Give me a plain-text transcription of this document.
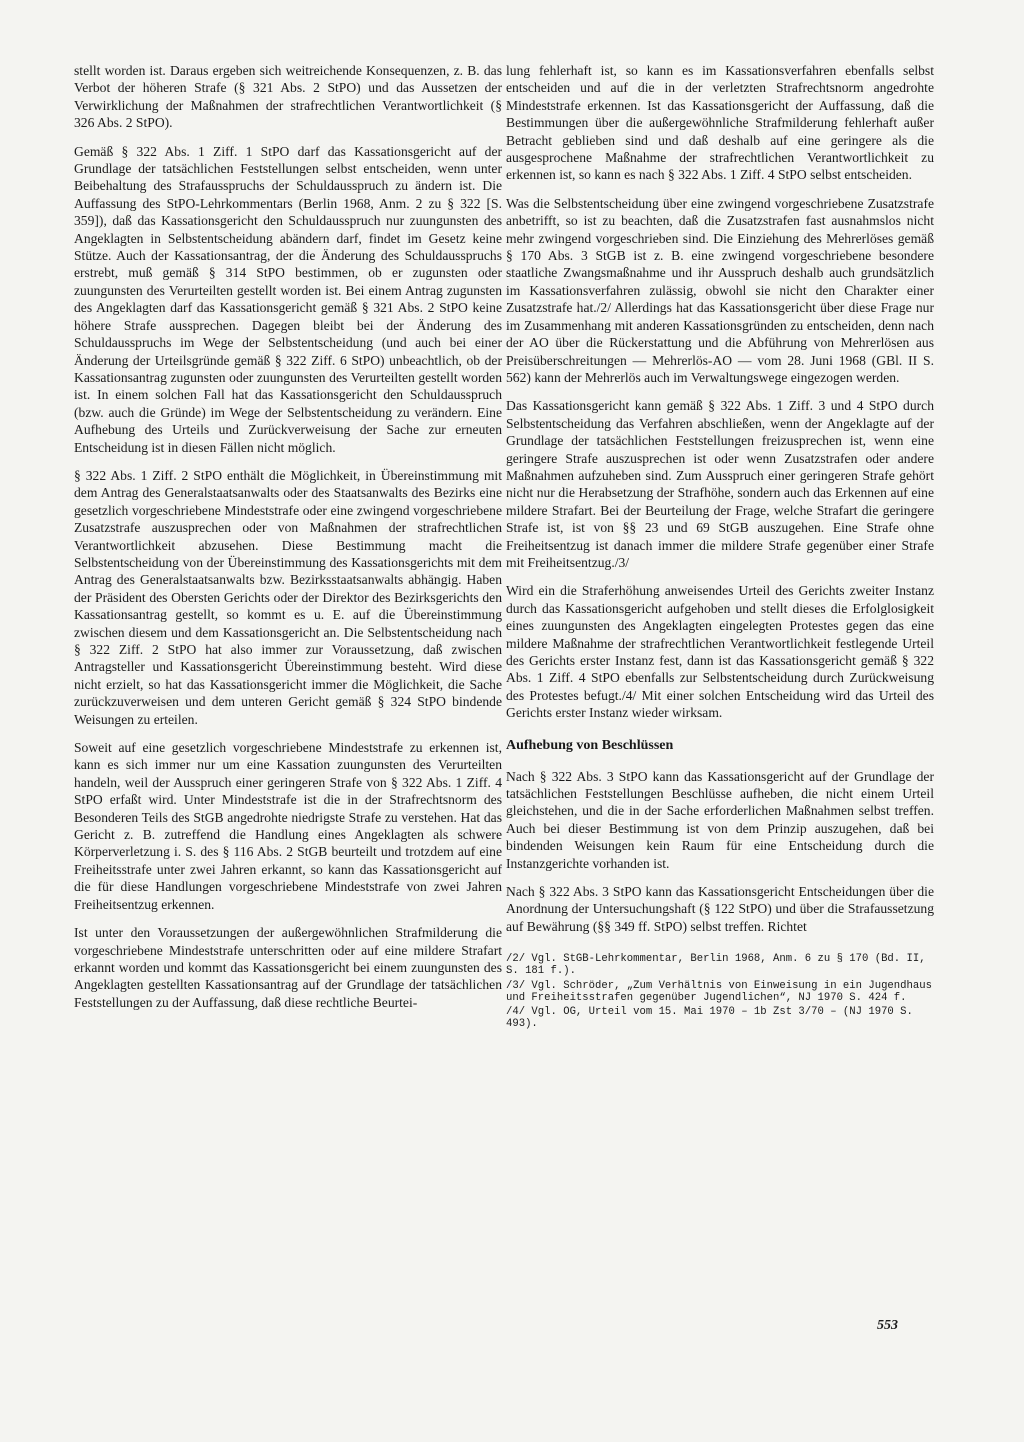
stellt worden ist. Daraus ergeben sich weitreichende Konsequenzen, z. B. das Verbot der höheren Strafe (§ 321 Abs. 2 StPO) und das Aussetzen der Verwirklichung der Maßnahmen der strafrechtlichen Verantwortlichkeit (§ 326 Abs. 2 StPO).

Gemäß § 322 Abs. 1 Ziff. 1 StPO darf das Kassationsgericht auf der Grundlage der tatsächlichen Feststellungen selbst entscheiden, wenn unter Beibehaltung des Strafausspruchs der Schuldausspruch zu ändern ist. Die Auffassung des StPO-Lehrkommentars (Berlin 1968, Anm. 2 zu § 322 [S. 359]), daß das Kassationsgericht den Schuldausspruch nur zuungunsten des Angeklagten in Selbstentscheidung abändern darf, findet im Gesetz keine Stütze. Auch der Kassationsantrag, der die Änderung des Schuldausspruchs erstrebt, muß gemäß § 314 StPO bestimmen, ob er zugunsten oder zuungunsten des Verurteilten gestellt worden ist. Bei einem Antrag zugunsten des Angeklagten darf das Kassationsgericht gemäß § 321 Abs. 2 StPO keine höhere Strafe aussprechen. Dagegen bleibt bei der Änderung des Schuldausspruchs im Wege der Selbstentscheidung (und auch bei einer Änderung der Urteilsgründe gemäß § 322 Ziff. 6 StPO) unbeachtlich, ob der Kassationsantrag zugunsten oder zuungunsten des Verurteilten gestellt worden ist. In einem solchen Fall hat das Kassationsgericht den Schuldausspruch (bzw. auch die Gründe) im Wege der Selbstentscheidung zu verändern. Eine Aufhebung des Urteils und Zurückverweisung der Sache zur erneuten Entscheidung ist in diesen Fällen nicht möglich.

§ 322 Abs. 1 Ziff. 2 StPO enthält die Möglichkeit, in Übereinstimmung mit dem Antrag des Generalstaatsanwalts oder des Staatsanwalts des Bezirks eine gesetzlich vorgeschriebene Mindeststrafe oder eine zwingend vorgeschriebene Zusatzstrafe auszusprechen oder von Maßnahmen der strafrechtlichen Verantwortlichkeit abzusehen. Diese Bestimmung macht die Selbstentscheidung von der Übereinstimmung des Kassationsgerichts mit dem Antrag des Generalstaatsanwalts bzw. Bezirksstaatsanwalts abhängig. Haben der Präsident des Obersten Gerichts oder der Direktor des Bezirksgerichts den Kassationsantrag gestellt, so kommt es u. E. auf die Übereinstimmung zwischen diesem und dem Kassationsgericht an. Die Selbstentscheidung nach § 322 Ziff. 2 StPO hat also immer zur Voraussetzung, daß zwischen Antragsteller und Kassationsgericht Übereinstimmung besteht. Wird diese nicht erzielt, so hat das Kassationsgericht immer die Möglichkeit, die Sache zurückzuverweisen und dem unteren Gericht gemäß § 324 StPO bindende Weisungen zu erteilen.

Soweit auf eine gesetzlich vorgeschriebene Mindeststrafe zu erkennen ist, kann es sich immer nur um eine Kassation zuungunsten des Verurteilten handeln, weil der Ausspruch einer geringeren Strafe von § 322 Abs. 1 Ziff. 4 StPO erfaßt wird. Unter Mindeststrafe ist die in der Strafrechtsnorm des Besonderen Teils des StGB angedrohte niedrigste Strafe zu verstehen. Hat das Gericht z. B. zutreffend die Handlung eines Angeklagten als schwere Körperverletzung i. S. des § 116 Abs. 2 StGB beurteilt und trotzdem auf eine Freiheitsstrafe unter zwei Jahren erkannt, so kann das Kassationsgericht auf die für diese Handlungen vorgeschriebene Mindeststrafe von zwei Jahren Freiheitsentzug erkennen.

Ist unter den Voraussetzungen der außergewöhnlichen Strafmilderung die vorgeschriebene Mindeststrafe unterschritten oder auf eine mildere Strafart erkannt worden und kommt das Kassationsgericht bei einem zuungunsten des Angeklagten gestellten Kassationsantrag auf der Grundlage der tatsächlichen Feststellungen zu der Auffassung, daß diese rechtliche Beurtei-

lung fehlerhaft ist, so kann es im Kassationsverfahren ebenfalls selbst entscheiden und auf die in der verletzten Strafrechtsnorm angedrohte Mindeststrafe erkennen. Ist das Kassationsgericht der Auffassung, daß die Bestimmungen über die außergewöhnliche Strafmilderung fehlerhaft außer Betracht geblieben sind und daß deshalb auf eine geringere als die ausgesprochene Maßnahme der strafrechtlichen Verantwortlichkeit zu erkennen ist, so kann es nach § 322 Abs. 1 Ziff. 4 StPO selbst entscheiden.

Was die Selbstentscheidung über eine zwingend vorgeschriebene Zusatzstrafe anbetrifft, so ist zu beachten, daß die Zusatzstrafen fast ausnahmslos nicht mehr zwingend vorgeschrieben sind. Die Einziehung des Mehrerlöses gemäß § 170 Abs. 3 StGB ist z. B. eine zwingend vorgeschriebene besondere staatliche Zwangsmaßnahme und ihr Ausspruch deshalb auch grundsätzlich im Kassationsverfahren zulässig, obwohl sie nicht den Charakter einer Zusatzstrafe hat./2/ Allerdings hat das Kassationsgericht über diese Frage nur im Zusammenhang mit anderen Kassationsgründen zu entscheiden, denn nach der AO über die Rückerstattung und die Abführung von Mehrerlösen aus Preisüberschreitungen — Mehrerlös-AO — vom 28. Juni 1968 (GBl. II S. 562) kann der Mehrerlös auch im Verwaltungswege eingezogen werden.

Das Kassationsgericht kann gemäß § 322 Abs. 1 Ziff. 3 und 4 StPO durch Selbstentscheidung das Verfahren abschließen, wenn der Angeklagte auf der Grundlage der tatsächlichen Feststellungen freizusprechen ist, wenn eine geringere Strafe auszusprechen ist oder wenn Zusatzstrafen oder andere Maßnahmen aufzuheben sind. Zum Ausspruch einer geringeren Strafe gehört nicht nur die Herabsetzung der Strafhöhe, sondern auch das Erkennen auf eine mildere Strafart. Bei der Beurteilung der Frage, welche Strafart die geringere Strafe ist, ist von §§ 23 und 69 StGB auszugehen. Eine Strafe ohne Freiheitsentzug ist danach immer die mildere Strafe gegenüber einer Strafe mit Freiheitsentzug./3/

Wird ein die Straferhöhung anweisendes Urteil des Gerichts zweiter Instanz durch das Kassationsgericht aufgehoben und stellt dieses die Erfolglosigkeit eines zuungunsten des Angeklagten eingelegten Protestes gegen das eine mildere Maßnahme der strafrechtlichen Verantwortlichkeit festlegende Urteil des Gerichts erster Instanz fest, dann ist das Kassationsgericht gemäß § 322 Abs. 1 Ziff. 4 StPO ebenfalls zur Selbstentscheidung durch Zurückweisung des Protestes befugt./4/ Mit einer solchen Entscheidung wird das Urteil des Gerichts erster Instanz wieder wirksam.

Aufhebung von Beschlüssen

Nach § 322 Abs. 3 StPO kann das Kassationsgericht auf der Grundlage der tatsächlichen Feststellungen Beschlüsse aufheben, die nicht einem Urteil gleichstehen, und die in der Sache erforderlichen Maßnahmen selbst treffen. Auch bei dieser Bestimmung ist von dem Prinzip auszugehen, daß bei bindenden Weisungen kein Raum für eine Entscheidung durch die Instanzgerichte vorhanden ist.

Nach § 322 Abs. 3 StPO kann das Kassationsgericht Entscheidungen über die Anordnung der Untersuchungshaft (§ 122 StPO) und über die Strafaussetzung auf Bewährung (§§ 349 ff. StPO) selbst treffen. Richtet

/2/ Vgl. StGB-Lehrkommentar, Berlin 1968, Anm. 6 zu § 170 (Bd. II, S. 181 f.).

/3/ Vgl. Schröder, „Zum Verhältnis von Einweisung in ein Jugendhaus und Freiheitsstrafen gegenüber Jugendlichen“, NJ 1970 S. 424 f.

/4/ Vgl. OG, Urteil vom 15. Mai 1970 – 1b Zst 3/70 – (NJ 1970 S. 493).

553
